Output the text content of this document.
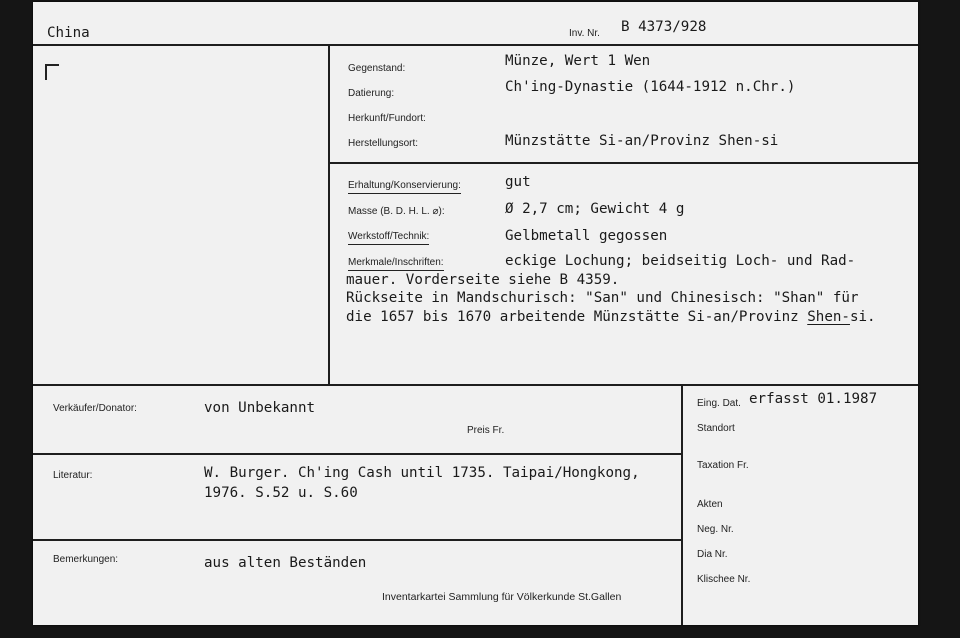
China	Inv. Nr. B 4373/928
Gegenstand:	Münze, Wert 1 Wen
Datierung:	Ch'ing-Dynastie (1644-1912 n.Chr.)
Herkunft/Fundort:
Herstellungsort:	Münzstätte Si-an/Provinz Shen-si
Erhaltung/Konservierung:	gut
Masse (B. D. H. L. ⌀):	Ø 2,7 cm; Gewicht 4 g
Werkstoff/Technik:	Gelbmetall gegossen
Merkmale/Inschriften:	eckige Lochung; beidseitig Loch- und Rad-
mauer. Vorderseite siehe B 4359.
Rückseite in Mandschurisch: "San" und Chinesisch: "Shan" für
die 1657 bis 1670 arbeitende Münzstätte Si-an/Provinz Shen-si.
Verkäufer/Donator:	von Unbekannt
Preis Fr.
Literatur:	W. Burger. Ch'ing Cash until 1735. Taipai/Hongkong,
1976. S.52 u. S.60
Bemerkungen:	aus alten Beständen
Inventarkartei Sammlung für Völkerkunde St.Gallen
Eing. Dat. erfasst 01.1987
Standort
Taxation Fr.
Akten
Neg. Nr.
Dia Nr.
Klischee Nr.
